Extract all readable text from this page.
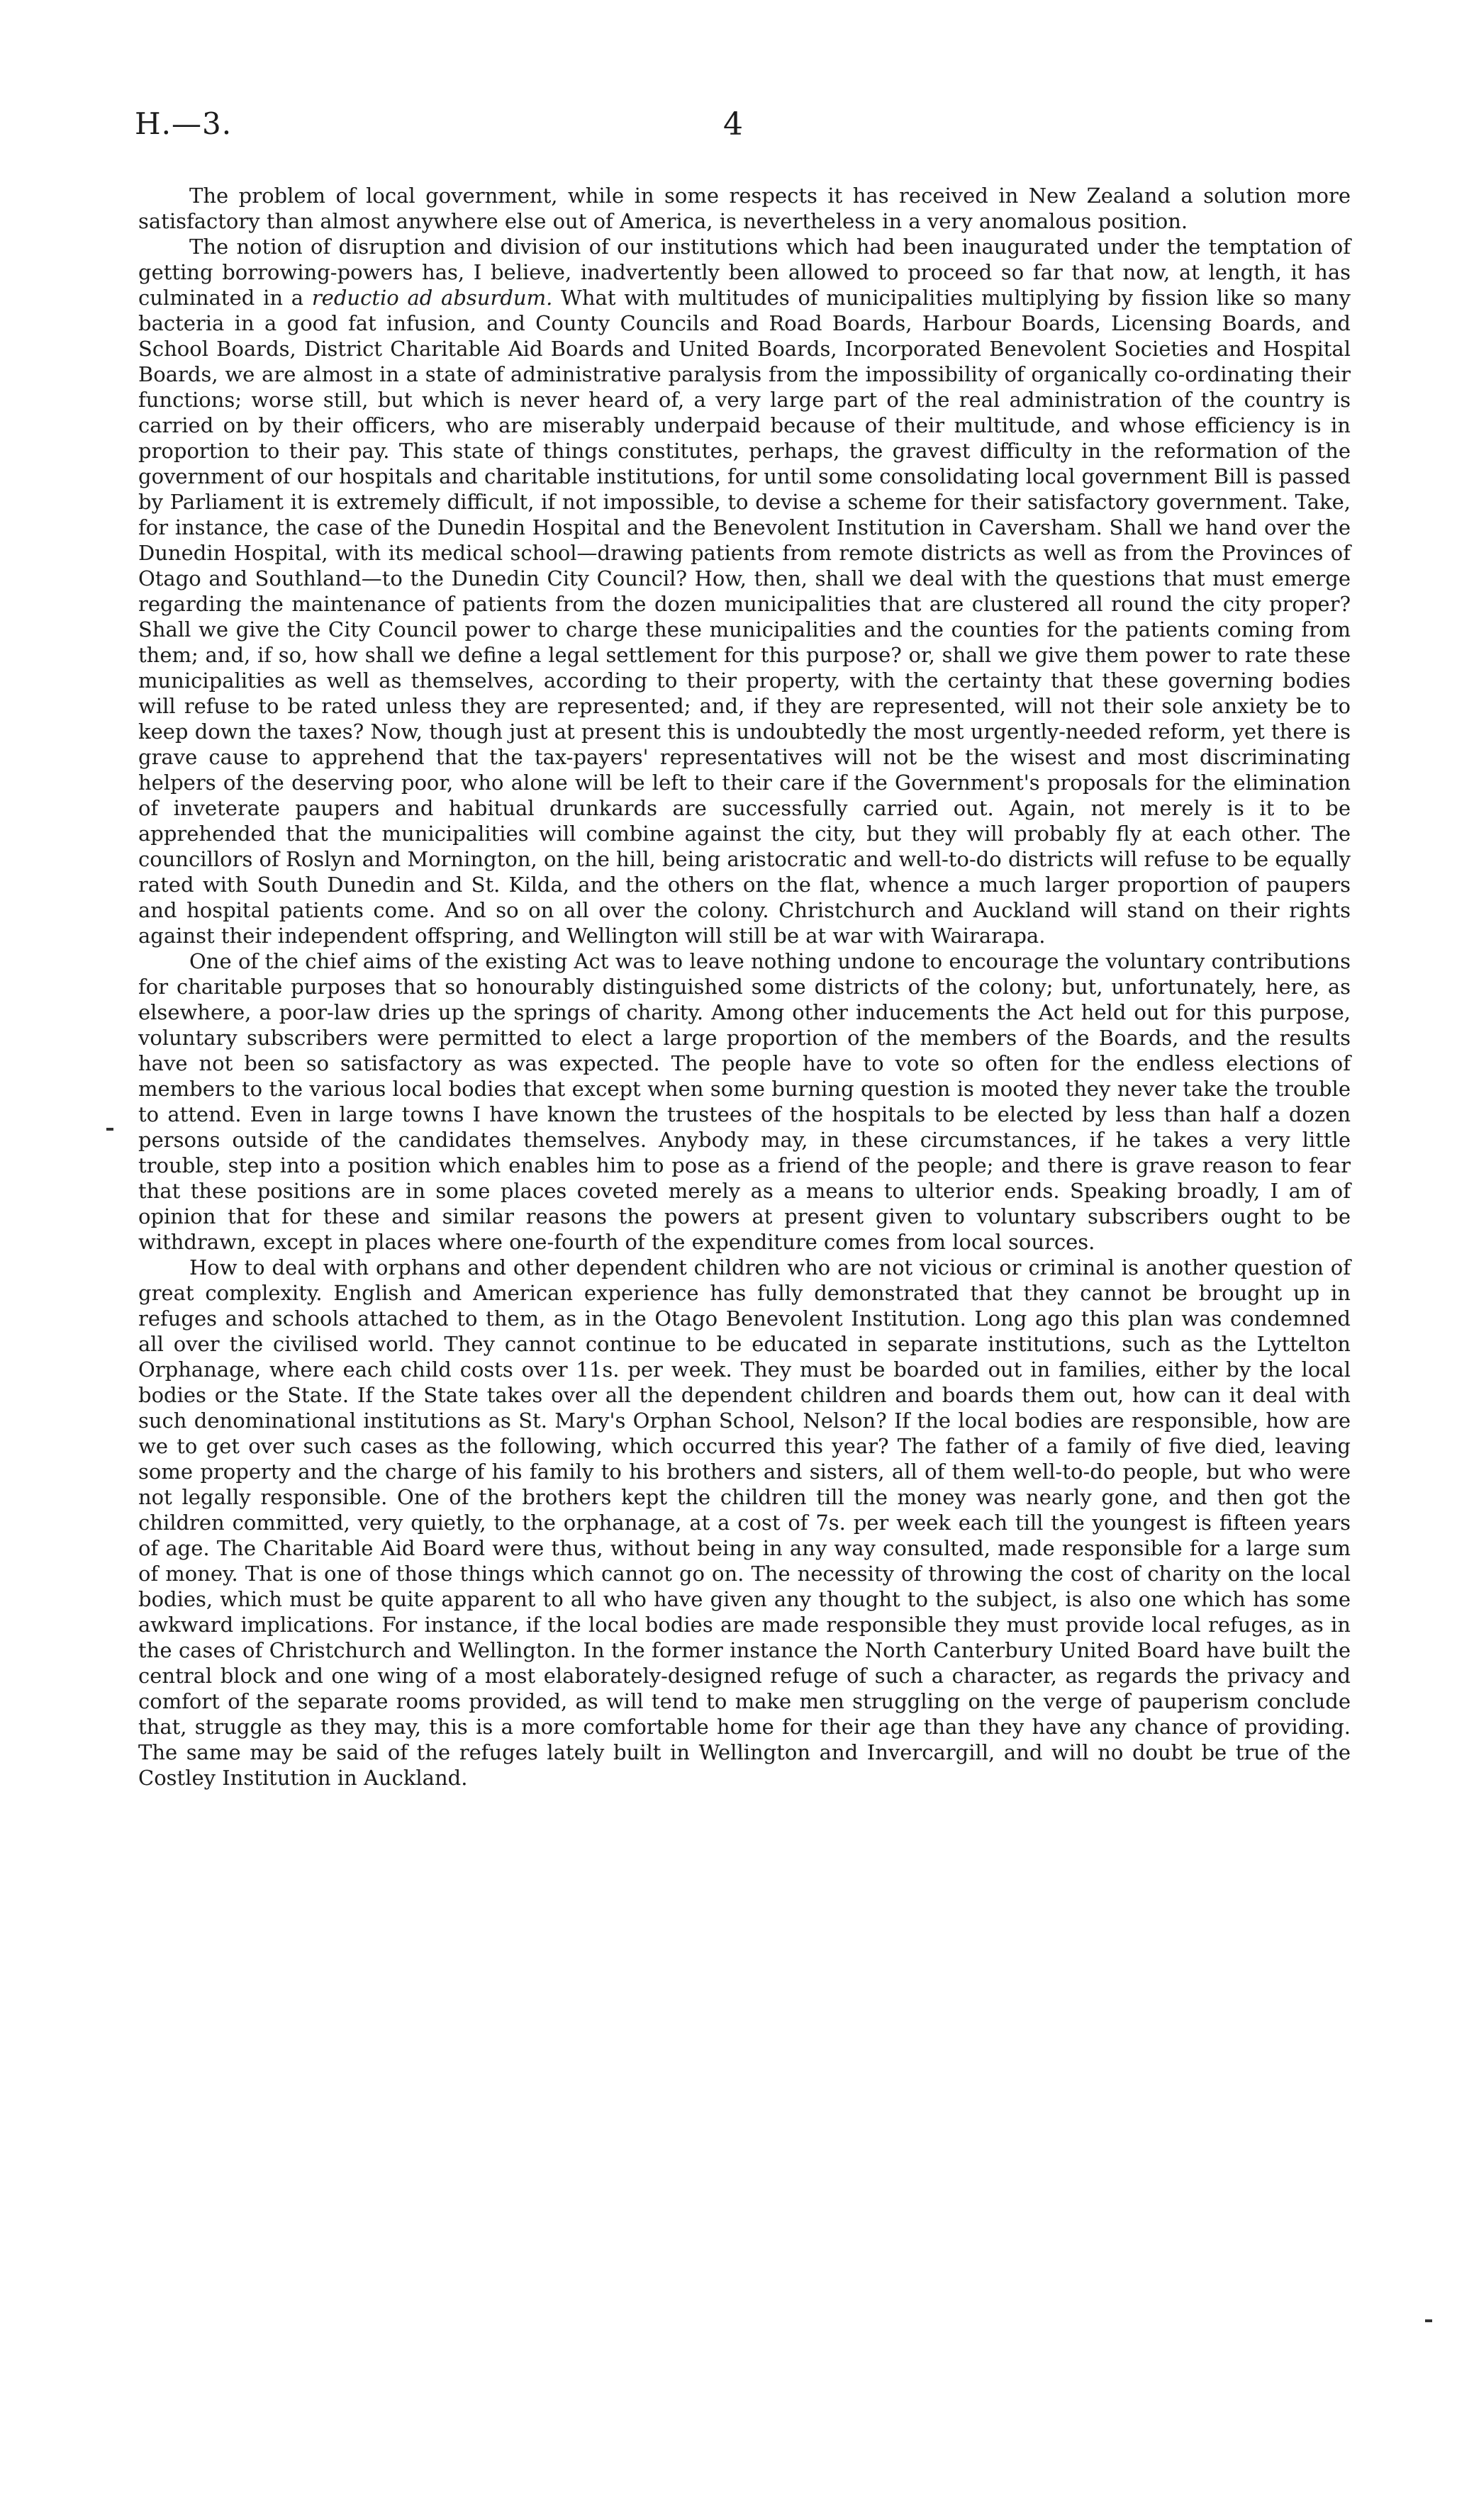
H.—3.	4

The problem of local government, while in some respects it has received in New Zealand a solution more satisfactory than almost anywhere else out of America, is nevertheless in a very anomalous position.

The notion of disruption and division of our institutions which had been inaugurated under the temptation of getting borrowing-powers has, I believe, inadvertently been allowed to proceed so far that now, at length, it has culminated in a reductio ad absurdum. What with multitudes of municipalities multiplying by fission like so many bacteria in a good fat infusion, and County Councils and Road Boards, Harbour Boards, Licensing Boards, and School Boards, District Charitable Aid Boards and United Boards, Incorporated Benevolent Societies and Hospital Boards, we are almost in a state of administrative paralysis from the impossibility of organically co-ordinating their functions; worse still, but which is never heard of, a very large part of the real administration of the country is carried on by their officers, who are miserably underpaid because of their multitude, and whose efficiency is in proportion to their pay. This state of things constitutes, perhaps, the gravest difficulty in the reformation of the government of our hospitals and charitable institutions, for until some consolidating local government Bill is passed by Parliament it is extremely difficult, if not impossible, to devise a scheme for their satisfactory government. Take, for instance, the case of the Dunedin Hospital and the Benevolent Institution in Caversham. Shall we hand over the Dunedin Hospital, with its medical school—drawing patients from remote districts as well as from the Provinces of Otago and Southland—to the Dunedin City Council? How, then, shall we deal with the questions that must emerge regarding the maintenance of patients from the dozen municipalities that are clustered all round the city proper? Shall we give the City Council power to charge these municipalities and the counties for the patients coming from them; and, if so, how shall we define a legal settlement for this purpose? or, shall we give them power to rate these municipalities as well as themselves, according to their property, with the certainty that these governing bodies will refuse to be rated unless they are represented; and, if they are represented, will not their sole anxiety be to keep down the taxes? Now, though just at present this is undoubtedly the most urgently-needed reform, yet there is grave cause to apprehend that the tax-payers' representatives will not be the wisest and most discriminating helpers of the deserving poor, who alone will be left to their care if the Government's proposals for the elimination of inveterate paupers and habitual drunkards are successfully carried out. Again, not merely is it to be apprehended that the municipalities will combine against the city, but they will probably fly at each other. The councillors of Roslyn and Mornington, on the hill, being aristocratic and well-to-do districts will refuse to be equally rated with South Dunedin and St. Kilda, and the others on the flat, whence a much larger proportion of paupers and hospital patients come. And so on all over the colony. Christchurch and Auckland will stand on their rights against their independent offspring, and Wellington will still be at war with Wairarapa.

One of the chief aims of the existing Act was to leave nothing undone to encourage the voluntary contributions for charitable purposes that so honourably distinguished some districts of the colony; but, unfortunately, here, as elsewhere, a poor-law dries up the springs of charity. Among other inducements the Act held out for this purpose, voluntary subscribers were permitted to elect a large proportion of the members of the Boards, and the results have not been so satisfactory as was expected. The people have to vote so often for the endless elections of members to the various local bodies that except when some burning question is mooted they never take the trouble to attend. Even in large towns I have known the trustees of the hospitals to be elected by less than half a dozen persons outside of the candidates themselves. Anybody may, in these circumstances, if he takes a very little trouble, step into a position which enables him to pose as a friend of the people; and there is grave reason to fear that these positions are in some places coveted merely as a means to ulterior ends. Speaking broadly, I am of opinion that for these and similar reasons the powers at present given to voluntary subscribers ought to be withdrawn, except in places where one-fourth of the expenditure comes from local sources.

How to deal with orphans and other dependent children who are not vicious or criminal is another question of great complexity. English and American experience has fully demonstrated that they cannot be brought up in refuges and schools attached to them, as in the Otago Benevolent Institution. Long ago this plan was condemned all over the civilised world. They cannot continue to be educated in separate institutions, such as the Lyttelton Orphanage, where each child costs over 11s. per week. They must be boarded out in families, either by the local bodies or the State. If the State takes over all the dependent children and boards them out, how can it deal with such denominational institutions as St. Mary's Orphan School, Nelson? If the local bodies are responsible, how are we to get over such cases as the following, which occurred this year? The father of a family of five died, leaving some property and the charge of his family to his brothers and sisters, all of them well-to-do people, but who were not legally responsible. One of the brothers kept the children till the money was nearly gone, and then got the children committed, very quietly, to the orphanage, at a cost of 7s. per week each till the youngest is fifteen years of age. The Charitable Aid Board were thus, without being in any way consulted, made responsible for a large sum of money. That is one of those things which cannot go on. The necessity of throwing the cost of charity on the local bodies, which must be quite apparent to all who have given any thought to the subject, is also one which has some awkward implications. For instance, if the local bodies are made responsible they must provide local refuges, as in the cases of Christchurch and Wellington. In the former instance the North Canterbury United Board have built the central block and one wing of a most elaborately-designed refuge of such a character, as regards the privacy and comfort of the separate rooms provided, as will tend to make men struggling on the verge of pauperism conclude that, struggle as they may, this is a more comfortable home for their age than they have any chance of providing. The same may be said of the refuges lately built in Wellington and Invercargill, and will no doubt be true of the Costley Institution in Auckland.
